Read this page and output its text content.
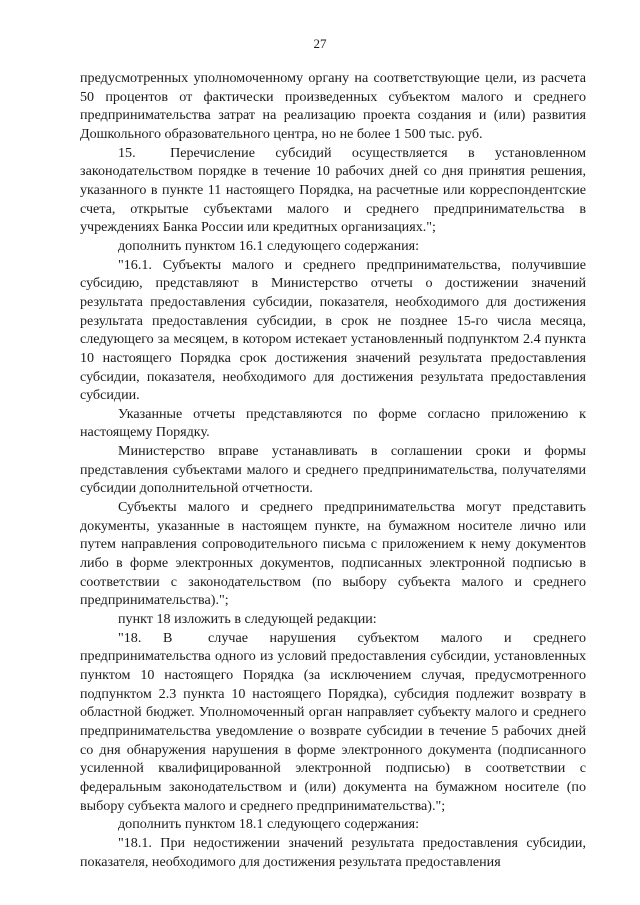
27

предусмотренных уполномоченному органу на соответствующие цели, из расчета 50 процентов от фактически произведенных субъектом малого и среднего предпринимательства затрат на реализацию проекта создания и (или) развития Дошкольного образовательного центра, но не более 1 500 тыс. руб.

15.  Перечисление субсидий осуществляется в установленном законодательством порядке в течение 10 рабочих дней со дня принятия решения, указанного в пункте 11 настоящего Порядка, на расчетные или корреспондентские счета, открытые субъектами малого и среднего предпринимательства в учреждениях Банка России или кредитных организациях.";

дополнить пунктом 16.1 следующего содержания:

"16.1. Субъекты малого и среднего предпринимательства, получившие субсидию, представляют в Министерство отчеты о достижении значений результата предоставления субсидии, показателя, необходимого для достижения результата предоставления субсидии, в срок не позднее 15-го числа месяца, следующего за месяцем, в котором истекает установленный подпунктом 2.4 пункта 10 настоящего Порядка срок достижения значений результата предоставления субсидии, показателя, необходимого для достижения результата предоставления субсидии.

Указанные отчеты представляются по форме согласно приложению к настоящему Порядку.

Министерство вправе устанавливать в соглашении сроки и формы представления субъектами малого и среднего предпринимательства, получателями субсидии дополнительной отчетности.

Субъекты малого и среднего предпринимательства могут представить документы, указанные в настоящем пункте, на бумажном носителе лично или путем направления сопроводительного письма с приложением к нему документов либо в форме электронных документов, подписанных электронной подписью в соответствии с законодательством (по выбору субъекта малого и среднего предпринимательства).";

пункт 18 изложить в следующей редакции:

"18. В  случае нарушения субъектом малого и среднего предпринимательства одного из условий предоставления субсидии, установленных пунктом 10 настоящего Порядка (за исключением случая, предусмотренного подпунктом 2.3 пункта 10 настоящего Порядка), субсидия подлежит возврату в областной бюджет. Уполномоченный орган направляет субъекту малого и среднего предпринимательства уведомление о возврате субсидии в течение 5 рабочих дней со дня обнаружения нарушения в форме электронного документа (подписанного усиленной квалифицированной электронной подписью) в соответствии с федеральным законодательством и (или) документа на бумажном носителе (по выбору субъекта малого и среднего предпринимательства).";

дополнить пунктом 18.1 следующего содержания:

"18.1. При недостижении значений результата предоставления субсидии, показателя, необходимого для достижения результата предоставления
